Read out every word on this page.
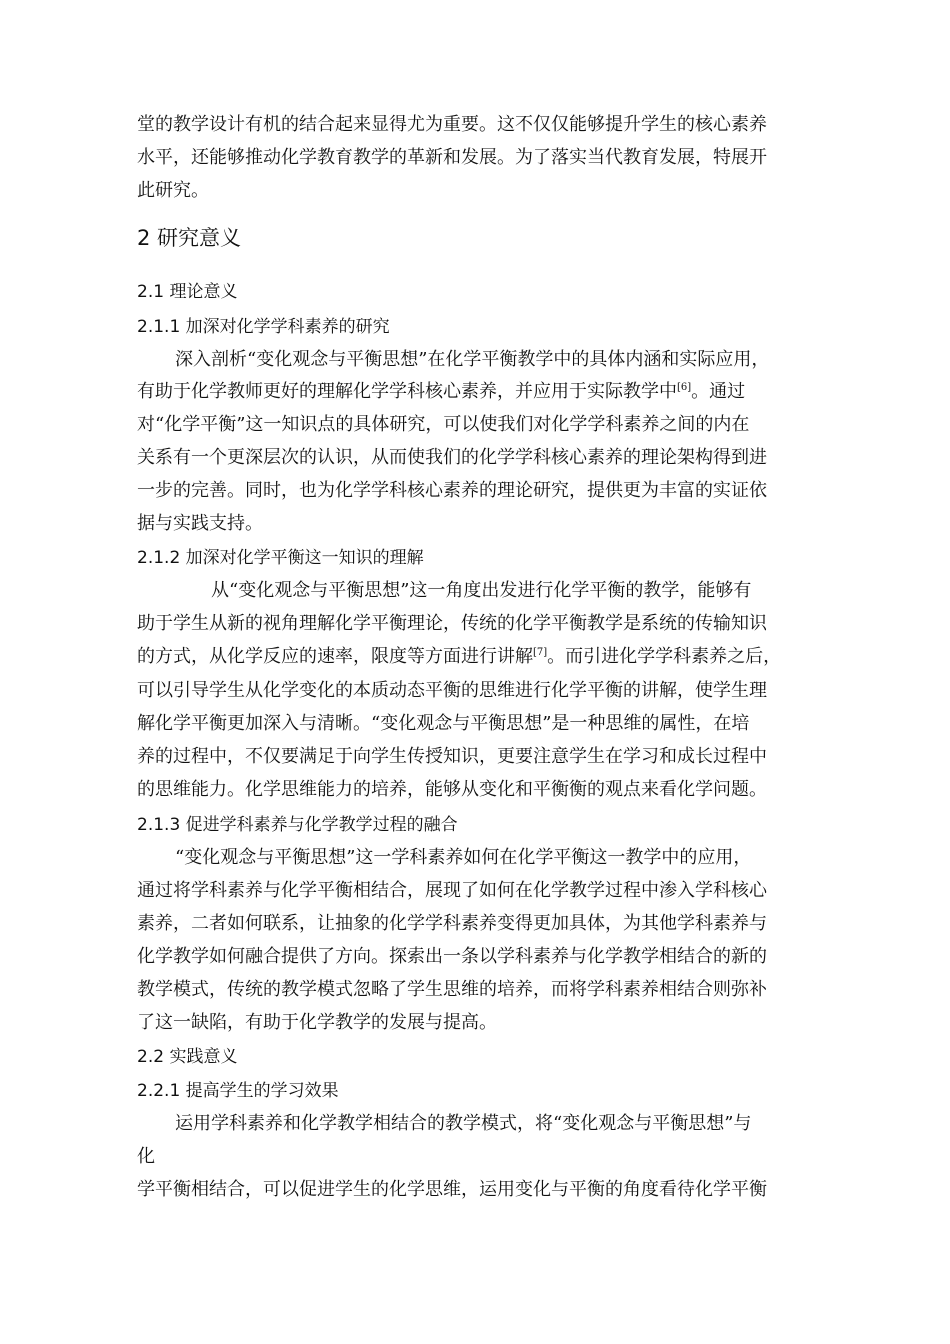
堂的教学设计有机的结合起来显得尤为重要。这不仅仅能够提升学生的核心素养
水平，还能够推动化学教育教学的革新和发展。为了落实当代教育发展，特展开
此研究。
2 研究意义
2.1 理论意义
2.1.1 加深对化学学科素养的研究
深入剖析“变化观念与平衡思想”在化学平衡教学中的具体内涵和实际应用，
有助于化学教师更好的理解化学学科核心素养，并应用于实际教学中[6]。通过
对“化学平衡”这一知识点的具体研究，可以使我们对化学学科素养之间的内在
关系有一个更深层次的认识，从而使我们的化学学科核心素养的理论架构得到进
一步的完善。同时，也为化学学科核心素养的理论研究，提供更为丰富的实证依
据与实践支持。
2.1.2 加深对化学平衡这一知识的理解
从“变化观念与平衡思想”这一角度出发进行化学平衡的教学，能够有
助于学生从新的视角理解化学平衡理论，传统的化学平衡教学是系统的传输知识
的方式，从化学反应的速率，限度等方面进行讲解[7]。而引进化学学科素养之后，
可以引导学生从化学变化的本质动态平衡的思维进行化学平衡的讲解，使学生理
解化学平衡更加深入与清晰。“变化观念与平衡思想”是一种思维的属性，在培
养的过程中，不仅要满足于向学生传授知识，更要注意学生在学习和成长过程中
的思维能力。化学思维能力的培养，能够从变化和平衡衡的观点来看化学问题。
2.1.3 促进学科素养与化学教学过程的融合
“变化观念与平衡思想”这一学科素养如何在化学平衡这一教学中的应用，
通过将学科素养与化学平衡相结合，展现了如何在化学教学过程中渗入学科核心
素养，二者如何联系，让抽象的化学学科素养变得更加具体，为其他学科素养与
化学教学如何融合提供了方向。探索出一条以学科素养与化学教学相结合的新的
教学模式，传统的教学模式忽略了学生思维的培养，而将学科素养相结合则弥补
了这一缺陷，有助于化学教学的发展与提高。
2.2 实践意义
2.2.1 提高学生的学习效果
运用学科素养和化学教学相结合的教学模式，将“变化观念与平衡思想”与
化
学平衡相结合，可以促进学生的化学思维，运用变化与平衡的角度看待化学平衡
